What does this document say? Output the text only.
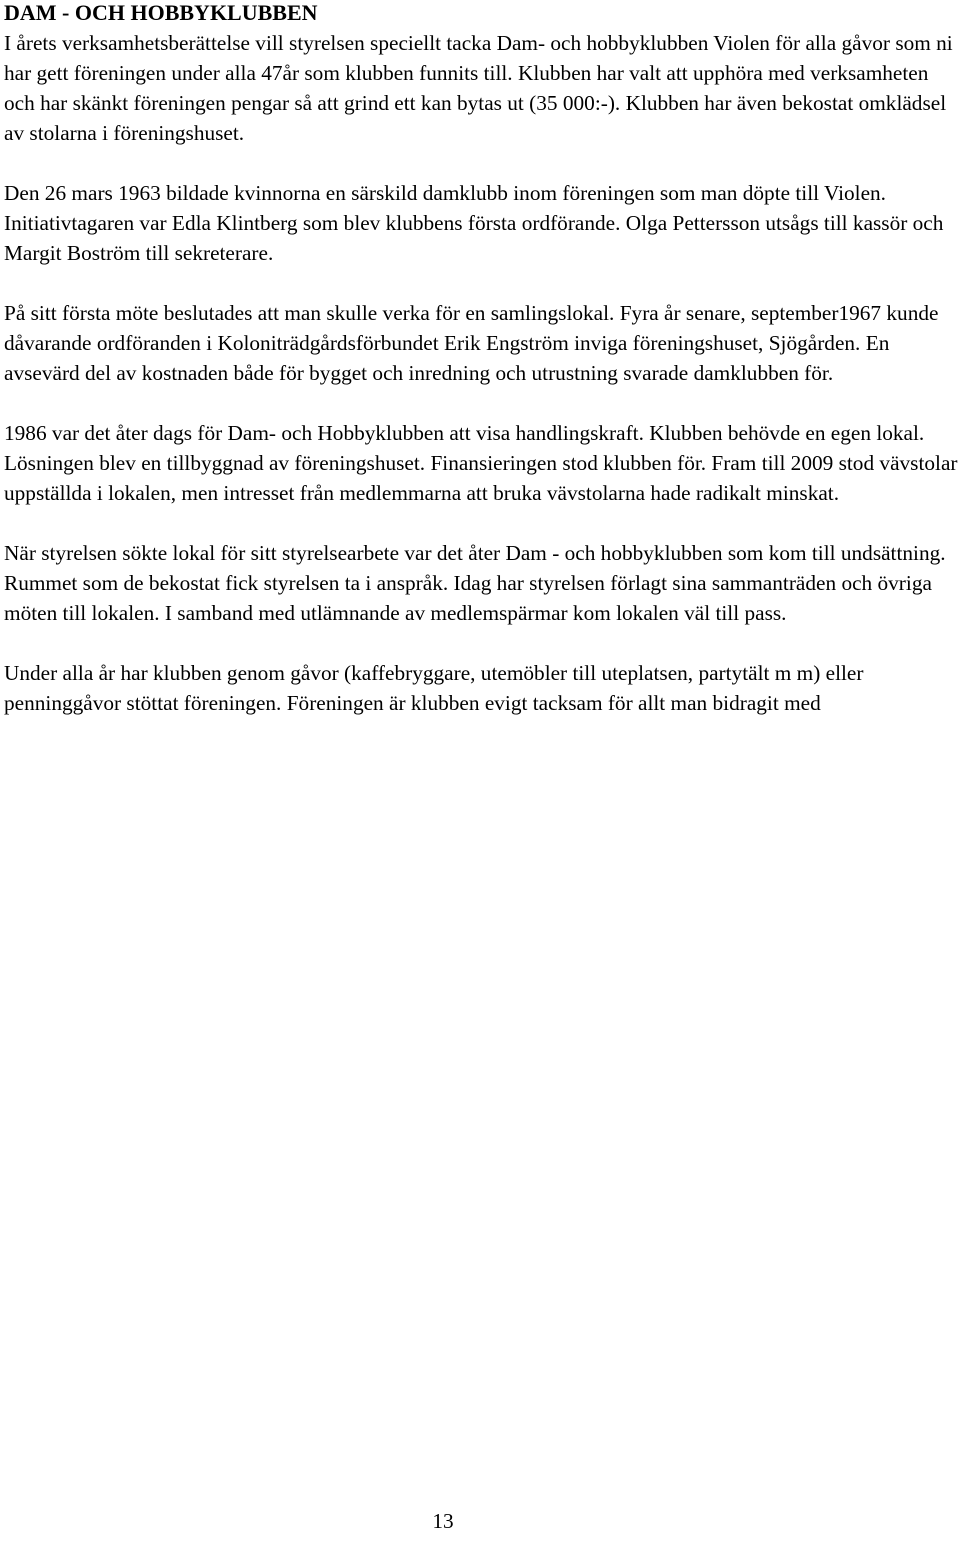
DAM - OCH HOBBYKLUBBEN

I årets verksamhetsberättelse vill styrelsen speciellt tacka Dam- och hobbyklubben Violen för alla gåvor som ni har gett föreningen under alla 47år som klubben funnits till. Klubben har valt att upphöra med verksamheten och har skänkt föreningen pengar så att grind ett kan bytas ut (35 000:-). Klubben har även bekostat omklädsel av stolarna i föreningshuset.

Den 26 mars 1963 bildade kvinnorna en särskild damklubb inom föreningen som man döpte till Violen. Initiativtagaren var Edla Klintberg som blev klubbens första ordförande. Olga Pettersson utsågs till kassör och Margit Boström till sekreterare.

På sitt första möte beslutades att man skulle verka för en samlingslokal. Fyra år senare, september1967 kunde dåvarande ordföranden i Koloniträdgårdsförbundet Erik Engström inviga föreningshuset, Sjögården. En avsevärd del av kostnaden både för bygget och inredning och utrustning svarade damklubben för.

1986 var det åter dags för Dam- och Hobbyklubben att visa handlingskraft. Klubben behövde en egen lokal. Lösningen blev en tillbyggnad av föreningshuset. Finansieringen stod klubben för. Fram till 2009 stod vävstolar uppställda i lokalen, men intresset från medlemmarna att bruka vävstolarna hade radikalt minskat.

När styrelsen sökte lokal för sitt styrelsearbete var det åter Dam - och hobbyklubben som kom till undsättning. Rummet som de bekostat fick styrelsen ta i anspråk. Idag har styrelsen förlagt sina sammanträden och övriga möten till lokalen. I samband med utlämnande av medlemspärmar kom lokalen väl till pass.

Under alla år har klubben genom gåvor (kaffebryggare, utemöbler till uteplatsen, partytält m m) eller penninggåvor stöttat föreningen. Föreningen är klubben evigt tacksam för allt man bidragit med

13
